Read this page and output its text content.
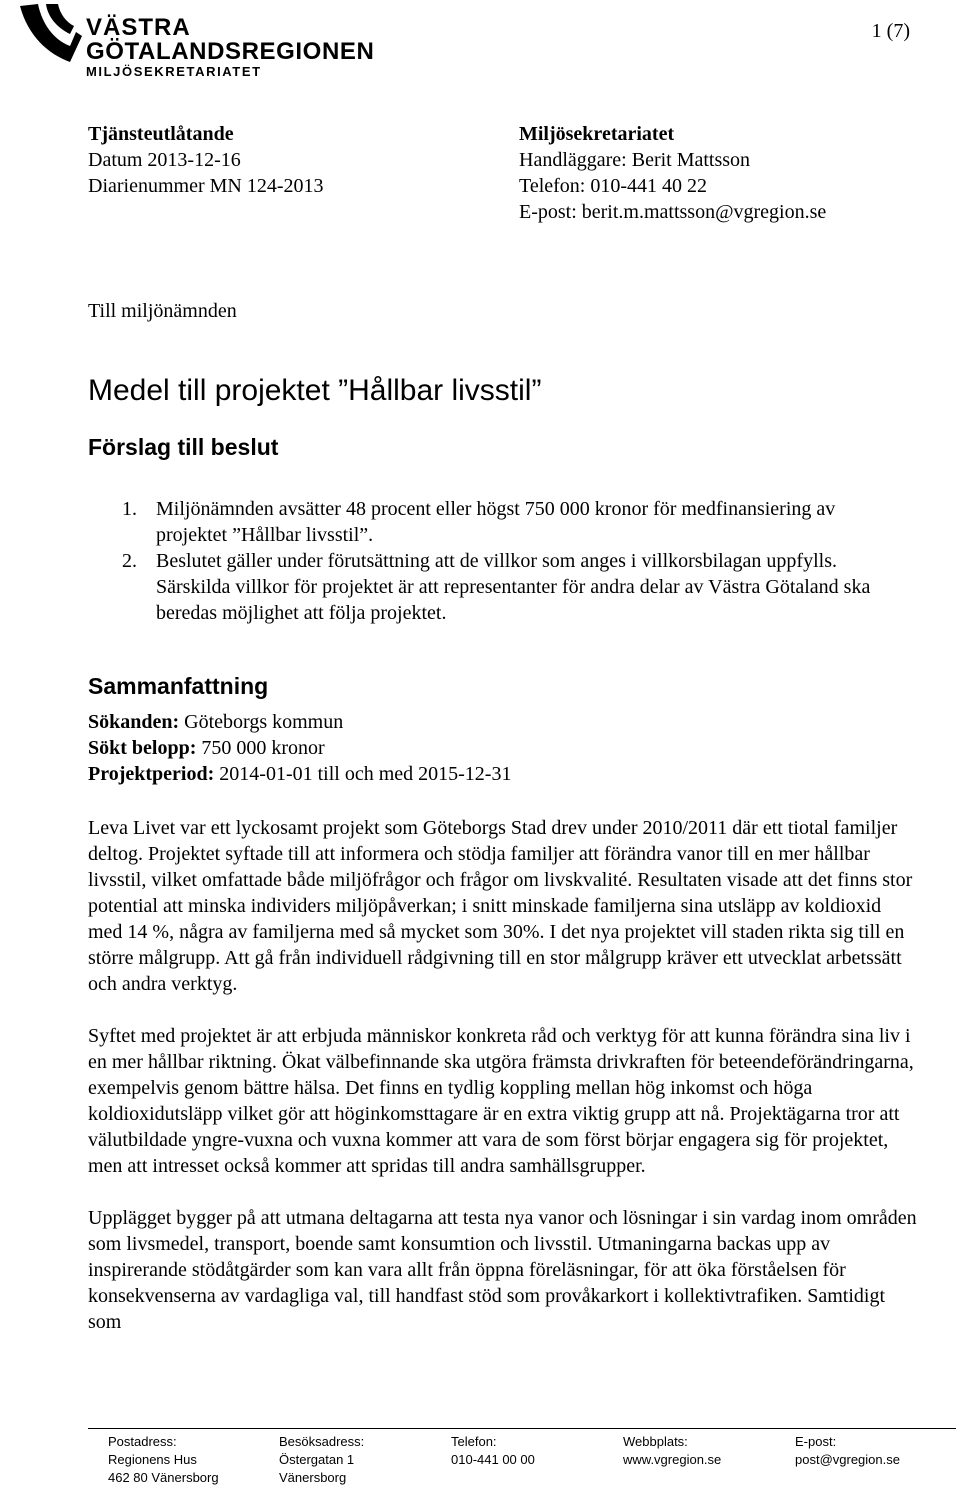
VÄSTRA
GÖTALANDSREGIONEN
MILJÖSEKRETARIATET
1 (7)
Tjänsteutlåtande
Datum 2013-12-16
Diarienummer MN 124-2013
Miljösekretariatet
Handläggare: Berit Mattsson
Telefon: 010-441 40 22
E-post: berit.m.mattsson@vgregion.se
Till miljönämnden
Medel till projektet ”Hållbar livsstil”
Förslag till beslut
1. Miljönämnden avsätter 48 procent eller högst 750 000 kronor för medfinansiering av projektet ”Hållbar livsstil”.
2. Beslutet gäller under förutsättning att de villkor som anges i villkorsbilagan uppfylls. Särskilda villkor för projektet är att representanter för andra delar av Västra Götaland ska beredas möjlighet att följa projektet.
Sammanfattning
Sökanden: Göteborgs kommun
Sökt belopp: 750 000 kronor
Projektperiod: 2014-01-01 till och med 2015-12-31

Leva Livet var ett lyckosamt projekt som Göteborgs Stad drev under 2010/2011 där ett tiotal familjer deltog. Projektet syftade till att informera och stödja familjer att förändra vanor till en mer hållbar livsstil, vilket omfattade både miljöfrågor och frågor om livskvalité. Resultaten visade att det finns stor potential att minska individers miljöpåverkan; i snitt minskade familjerna sina utsläpp av koldioxid med 14 %, några av familjerna med så mycket som 30%. I det nya projektet vill staden rikta sig till en större målgrupp. Att gå från individuell rådgivning till en stor målgrupp kräver ett utvecklat arbetssätt och andra verktyg.

Syftet med projektet är att erbjuda människor konkreta råd och verktyg för att kunna förändra sina liv i en mer hållbar riktning. Ökat välbefinnande ska utgöra främsta drivkraften för beteendeförändringarna, exempelvis genom bättre hälsa. Det finns en tydlig koppling mellan hög inkomst och höga koldioxidutsläpp vilket gör att höginkomsttagare är en extra viktig grupp att nå. Projektägarna tror att välutbildade yngre-vuxna och vuxna kommer att vara de som först börjar engagera sig för projektet, men att intresset också kommer att spridas till andra samhällsgrupper.

Upplägget bygger på att utmana deltagarna att testa nya vanor och lösningar i sin vardag inom områden som livsmedel, transport, boende samt konsumtion och livsstil. Utmaningarna backas upp av inspirerande stödåtgärder som kan vara allt från öppna föreläsningar, för att öka förståelsen för konsekvenserna av vardagliga val, till handfast stöd som provåkarkort i kollektivtrafiken. Samtidigt som

Postadress:
Regionens Hus
462 80 Vänersborg
Besöksadress:
Östergatan 1
Vänersborg
Telefon:
010-441 00 00
Webbplats:
www.vgregion.se
E-post:
post@vgregion.se
